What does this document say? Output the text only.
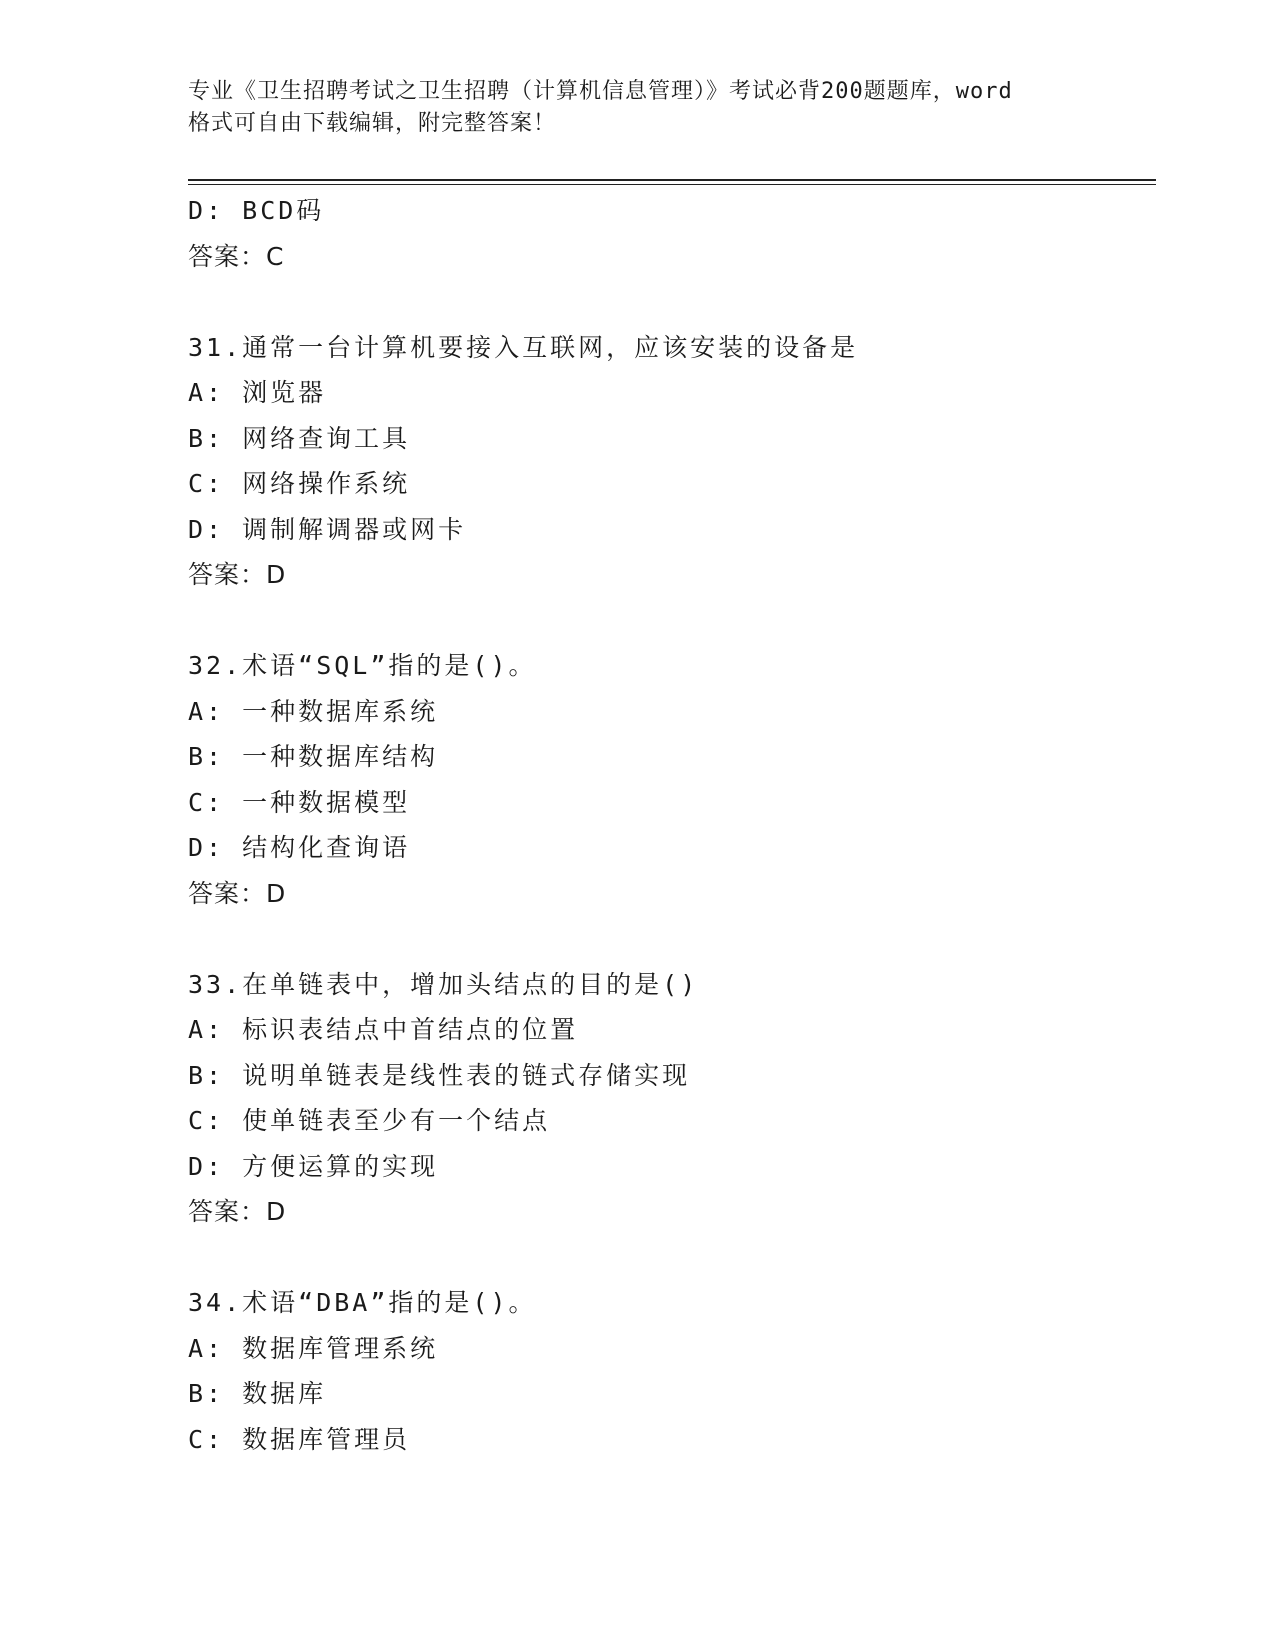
专业《卫生招聘考试之卫生招聘（计算机信息管理）》考试必背200题题库，word
格式可自由下载编辑，附完整答案！
D: BCD码
答案：C
31.通常一台计算机要接入互联网，应该安装的设备是
A: 浏览器
B: 网络查询工具
C: 网络操作系统
D: 调制解调器或网卡
答案：D
32.术语“SQL”指的是()。
A: 一种数据库系统
B: 一种数据库结构
C: 一种数据模型
D: 结构化查询语
答案：D
33.在单链表中，增加头结点的目的是()
A: 标识表结点中首结点的位置
B: 说明单链表是线性表的链式存储实现
C: 使单链表至少有一个结点
D: 方便运算的实现
答案：D
34.术语“DBA”指的是()。
A: 数据库管理系统
B: 数据库
C: 数据库管理员
